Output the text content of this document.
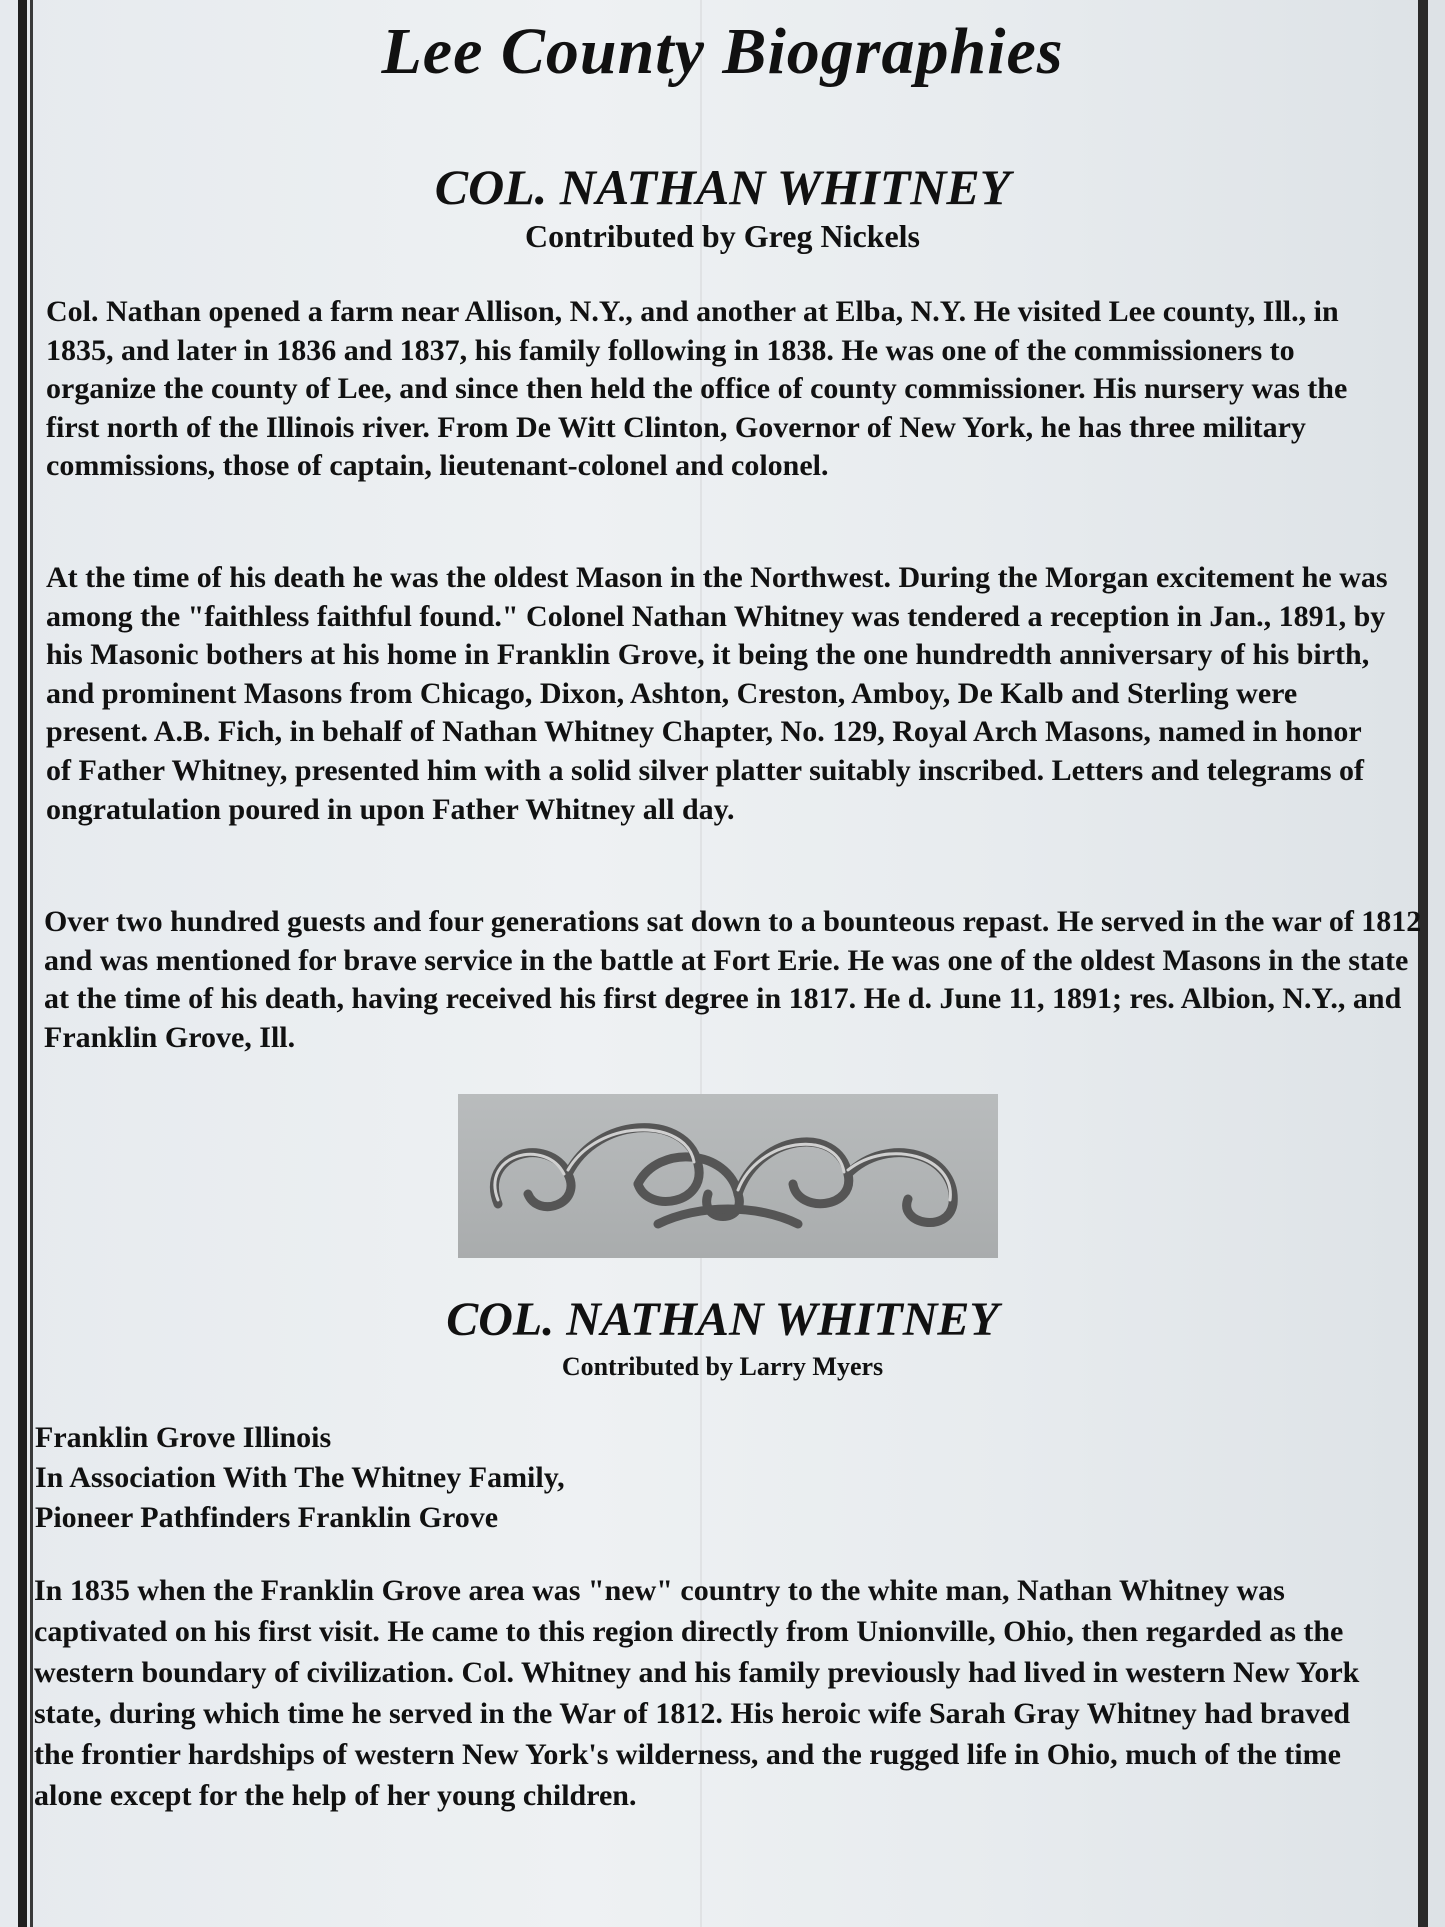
Lee County Biographies
COL. NATHAN WHITNEY
Contributed by Greg Nickels

Col. Nathan opened a farm near Allison, N.Y., and another at Elba, N.Y. He visited Lee county, Ill., in 1835, and later in 1836 and 1837, his family following in 1838. He was one of the commissioners to organize the county of Lee, and since then held the office of county commissioner. His nursery was the first north of the Illinois river. From De Witt Clinton, Governor of New York, he has three military commissions, those of captain, lieutenant-colonel and colonel.

At the time of his death he was the oldest Mason in the Northwest. During the Morgan excitement he was among the "faithless faithful found." Colonel Nathan Whitney was tendered a reception in Jan., 1891, by his Masonic bothers at his home in Franklin Grove, it being the one hundredth anniversary of his birth, and prominent Masons from Chicago, Dixon, Ashton, Creston, Amboy, De Kalb and Sterling were present. A.B. Fich, in behalf of Nathan Whitney Chapter, No. 129, Royal Arch Masons, named in honor of Father Whitney, presented him with a solid silver platter suitably inscribed. Letters and telegrams of ongratulation poured in upon Father Whitney all day.

Over two hundred guests and four generations sat down to a bounteous repast. He served in the war of 1812 and was mentioned for brave service in the battle at Fort Erie. He was one of the oldest Masons in the state at the time of his death, having received his first degree in 1817. He d. June 11, 1891; res. Albion, N.Y., and Franklin Grove, Ill.

COL. NATHAN WHITNEY
Contributed by Larry Myers
Franklin Grove Illinois
In Association With The Whitney Family,
Pioneer Pathfinders Franklin Grove

In 1835 when the Franklin Grove area was "new" country to the white man, Nathan Whitney was captivated on his first visit. He came to this region directly from Unionville, Ohio, then regarded as the western boundary of civilization. Col. Whitney and his family previously had lived in western New York state, during which time he served in the War of 1812. His heroic wife Sarah Gray Whitney had braved the frontier hardships of western New York's wilderness, and the rugged life in Ohio, much of the time alone except for the help of her young children.
